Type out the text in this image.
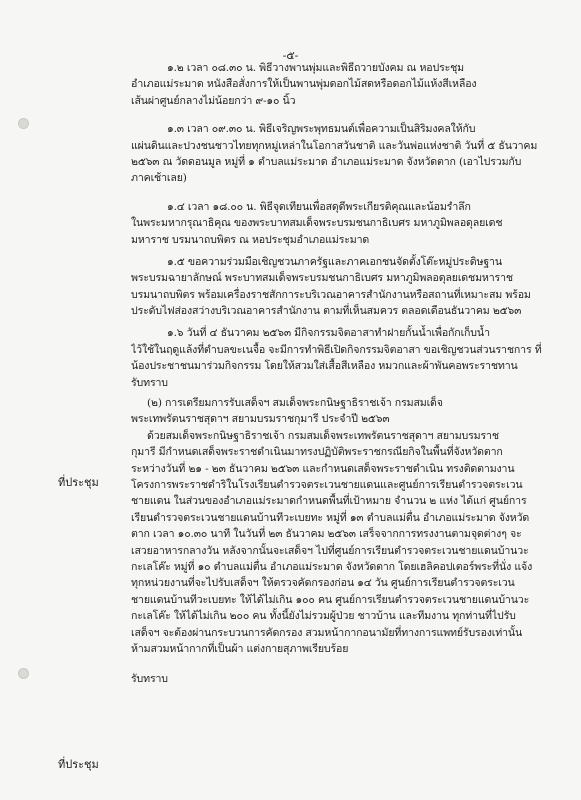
-๕-
๑.๒ เวลา ๐๘.๓๐ น. พิธีวางพานพุ่มและพิธีถวายบังคม ณ หอประชุม
อำเภอแม่ระมาด หนังสือสั่งการให้เป็นพานพุ่มดอกไม้สดหรือดอกไม้แห้งสีเหลือง
เส้นผ่าศูนย์กลางไม่น้อยกว่า ๙-๑๐ นิ้ว
๑.๓ เวลา ๐๙.๓๐ น. พิธีเจริญพระพุทธมนต์เพื่อความเป็นสิริมงคลให้กับ
แผ่นดินและปวงชนชาวไทยทุกหมู่เหล่าในโอกาสวันชาติ และวันพ่อแห่งชาติ วันที่ ๕ ธันวาคม
๒๕๖๓ ณ วัดดอนมูล หมู่ที่ ๑ ตำบลแม่ระมาด อำเภอแม่ระมาด จังหวัดตาก (เอาไปรวมกับ
ภาคเช้าเลย)
๑.๔ เวลา ๑๘.๐๐ น. พิธีจุดเทียนเพื่อสดุดีพระเกียรติคุณและน้อมรำลึก
ในพระมหากรุณาธิคุณ ของพระบาทสมเด็จพระบรมชนกาธิเบศร มหาภูมิพลอดุลยเดช
มหาราช บรมนาถบพิตร ณ หอประชุมอำเภอแม่ระมาด
๑.๕ ขอความร่วมมือเชิญชวนภาครัฐและภาคเอกชนจัดตั้งโต๊ะหมู่ประดิษฐาน
พระบรมฉายาลักษณ์ พระบาทสมเด็จพระบรมชนกาธิเบศร มหาภูมิพลอดุลยเดชมหาราช
บรมนาถบพิตร พร้อมเครื่องราชสักการะบริเวณอาคารสำนักงานหรือสถานที่เหมาะสม พร้อม
ประดับไฟส่องสว่างบริเวณอาคารสำนักงาน ตามที่เห็นสมควร ตลอดเดือนธันวาคม ๒๕๖๓
๑.๖ วันที่ ๔ ธันวาคม ๒๕๖๓ มีกิจกรรมจิตอาสาทำฝายกั้นน้ำเพื่อกักเก็บน้ำ
ไว้ใช้ในฤดูแล้งที่ตำบลขะเนจื้อ จะมีการทำพิธีเปิดกิจกรรมจิตอาสา ขอเชิญชวนส่วนราชการ ที่
น้องประชาชนมาร่วมกิจกรรม โดยให้สวมใส่เสื้อสีเหลือง หมวกและผ้าพันคอพระราชทาน
รับทราบ
(๒) การเตรียมการรับเสด็จฯ สมเด็จพระกนิษฐาธิราชเจ้า กรมสมเด็จ
พระเทพรัตนราชสุดาฯ สยามบรมราชกุมารี ประจำปี ๒๕๖๓
ด้วยสมเด็จพระกนิษฐาธิราชเจ้า กรมสมเด็จพระเทพรัตนราชสุดาฯ สยามบรมราช
กุมารี มีกำหนดเสด็จพระราชดำเนินมาทรงปฏิบัติพระราชกรณียกิจในพื้นที่จังหวัดตาก
ระหว่างวันที่ ๒๑ - ๒๓ ธันวาคม ๒๕๖๓ และกำหนดเสด็จพระราชดำเนิน ทรงติดตามงาน
โครงการพระราชดำริในโรงเรียนตำรวจตระเวนชายแดนและศูนย์การเรียนตำรวจตระเวน
ชายแดน ในส่วนของอำเภอแม่ระมาดกำหนดพื้นที่เป้าหมาย จำนวน ๒ แห่ง ได้แก่ ศูนย์การ
เรียนตำรวจตระเวนชายแดนบ้านทีวะเบยทะ หมู่ที่ ๑๓ ตำบลแม่ตื่น อำเภอแม่ระมาด จังหวัด
ตาก เวลา ๑๐.๓๐ นาที ในวันที่ ๒๓ ธันวาคม ๒๕๖๓ เสร็จจากการทรงงานตามจุดต่างๆ จะ
เสวยอาหารกลางวัน หลังจากนั้นจะเสด็จฯ ไปที่ศูนย์การเรียนตำรวจตระเวนชายแดนบ้านวะ
กะเลโค๊ะ หมู่ที่ ๑๐ ตำบลแม่ตื่น อำเภอแม่ระมาด จังหวัดตาก โดยเฮลิคอปเตอร์พระที่นั่ง แจ้ง
ทุกหน่วยงานที่จะไปรับเสด็จฯ ให้ตรวจคัดกรองก่อน ๑๔ วัน ศูนย์การเรียนตำรวจตระเวน
ชายแดนบ้านทีวะเบยทะ ให้ได้ไม่เกิน ๑๐๐ คน ศูนย์การเรียนตำรวจตระเวนชายแดนบ้านวะ
กะเลโค๊ะ ให้ได้ไม่เกิน ๒๐๐ คน ทั้งนี้ยังไม่รวมผู้ป่วย ชาวบ้าน และทีมงาน ทุกท่านที่ไปรับ
เสด็จฯ จะต้องผ่านกระบวนการคัดกรอง สวมหน้ากากอนามัยที่ทางการแพทย์รับรองเท่านั้น
ห้ามสวมหน้ากากที่เป็นผ้า แต่งกายสุภาพเรียบร้อย
รับทราบ
ที่ประชุม
ที่ประชุม
